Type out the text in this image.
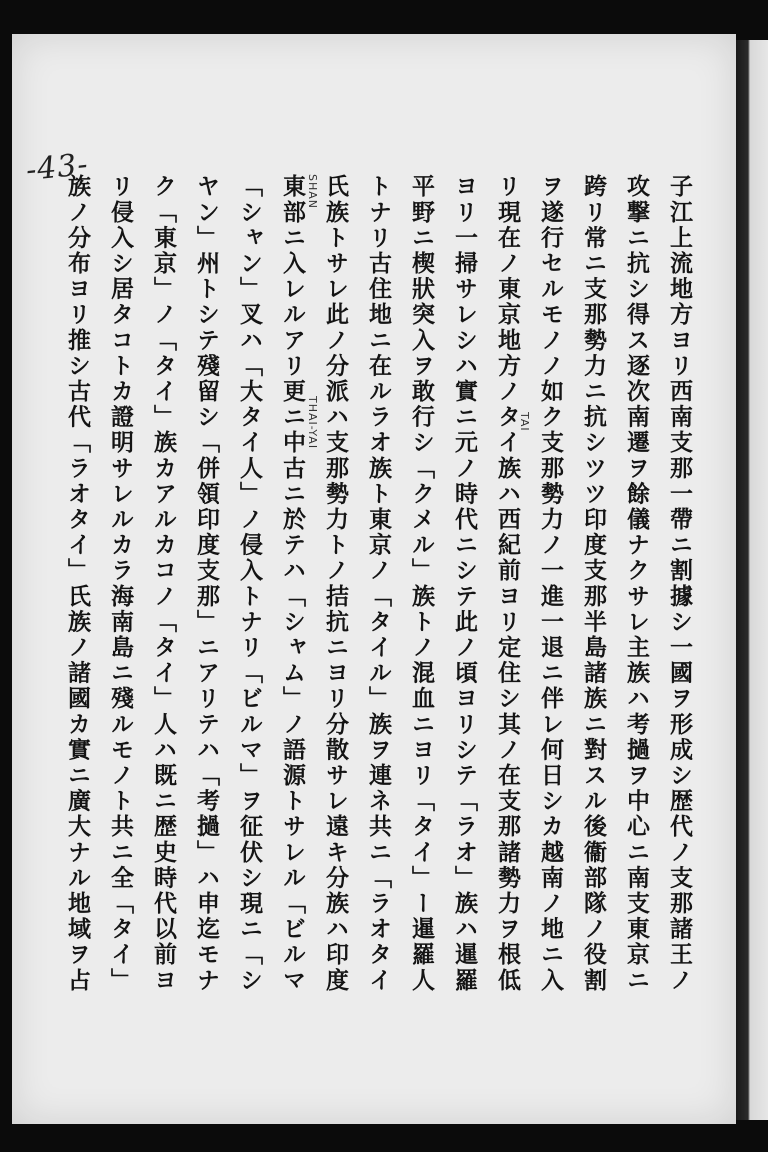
-43-
子江上流地方ヨリ西南支那一帶ニ割據シ一國ヲ形成シ歴代ノ支那諸王ノ
攻撃ニ抗シ得ス逐次南遷ヲ餘儀ナクサレ主族ハ考撾ヲ中心ニ南支東京ニ
跨リ常ニ支那勢力ニ抗シツツ印度支那半島諸族ニ對スル後衞部隊ノ役割
ヲ遂行セルモノノ如ク支那勢力ノ一進一退ニ伴レ何日シカ越南ノ地ニ入
リ現在ノ東京地方ノタイ族ハ西紀前ヨリ定住シ其ノ在支那諸勢力ヲ根低
ヨリ一掃サレシハ實ニ元ノ時代ニシテ此ノ頃ヨリシテ「ラオ」族ハ暹羅
平野ニ楔狀突入ヲ敢行シ「クメル」族トノ混血ニヨリ「タイ」ー暹羅人
トナリ古住地ニ在ルラオ族ト東京ノ「タイル」族ヲ連ネ共ニ「ラオタイ
氏族トサレ此ノ分派ハ支那勢力トノ拮抗ニヨリ分散サレ遠キ分族ハ印度
東部ニ入レルアリ更ニ中古ニ於テハ「シャム」ノ語源トサレル「ビルマ
「シャン」叉ハ「大タイ人」ノ侵入トナリ「ビルマ」ヲ征伏シ現ニ「シ
ヤン」州トシテ殘留シ「併領印度支那」ニアリテハ「考撾」ハ申迄モナ
ク「東京」ノ「タイ」族カアルカコノ「タイ」人ハ既ニ歴史時代以前ヨ
リ侵入シ居タコトカ證明サレルカラ海南島ニ殘ルモノト共ニ全「タイ」
族ノ分布ヨリ推シ古代「ラオタイ」氏族ノ諸國カ實ニ廣大ナル地域ヲ占	TAI
SHAN
THAI-YAI
